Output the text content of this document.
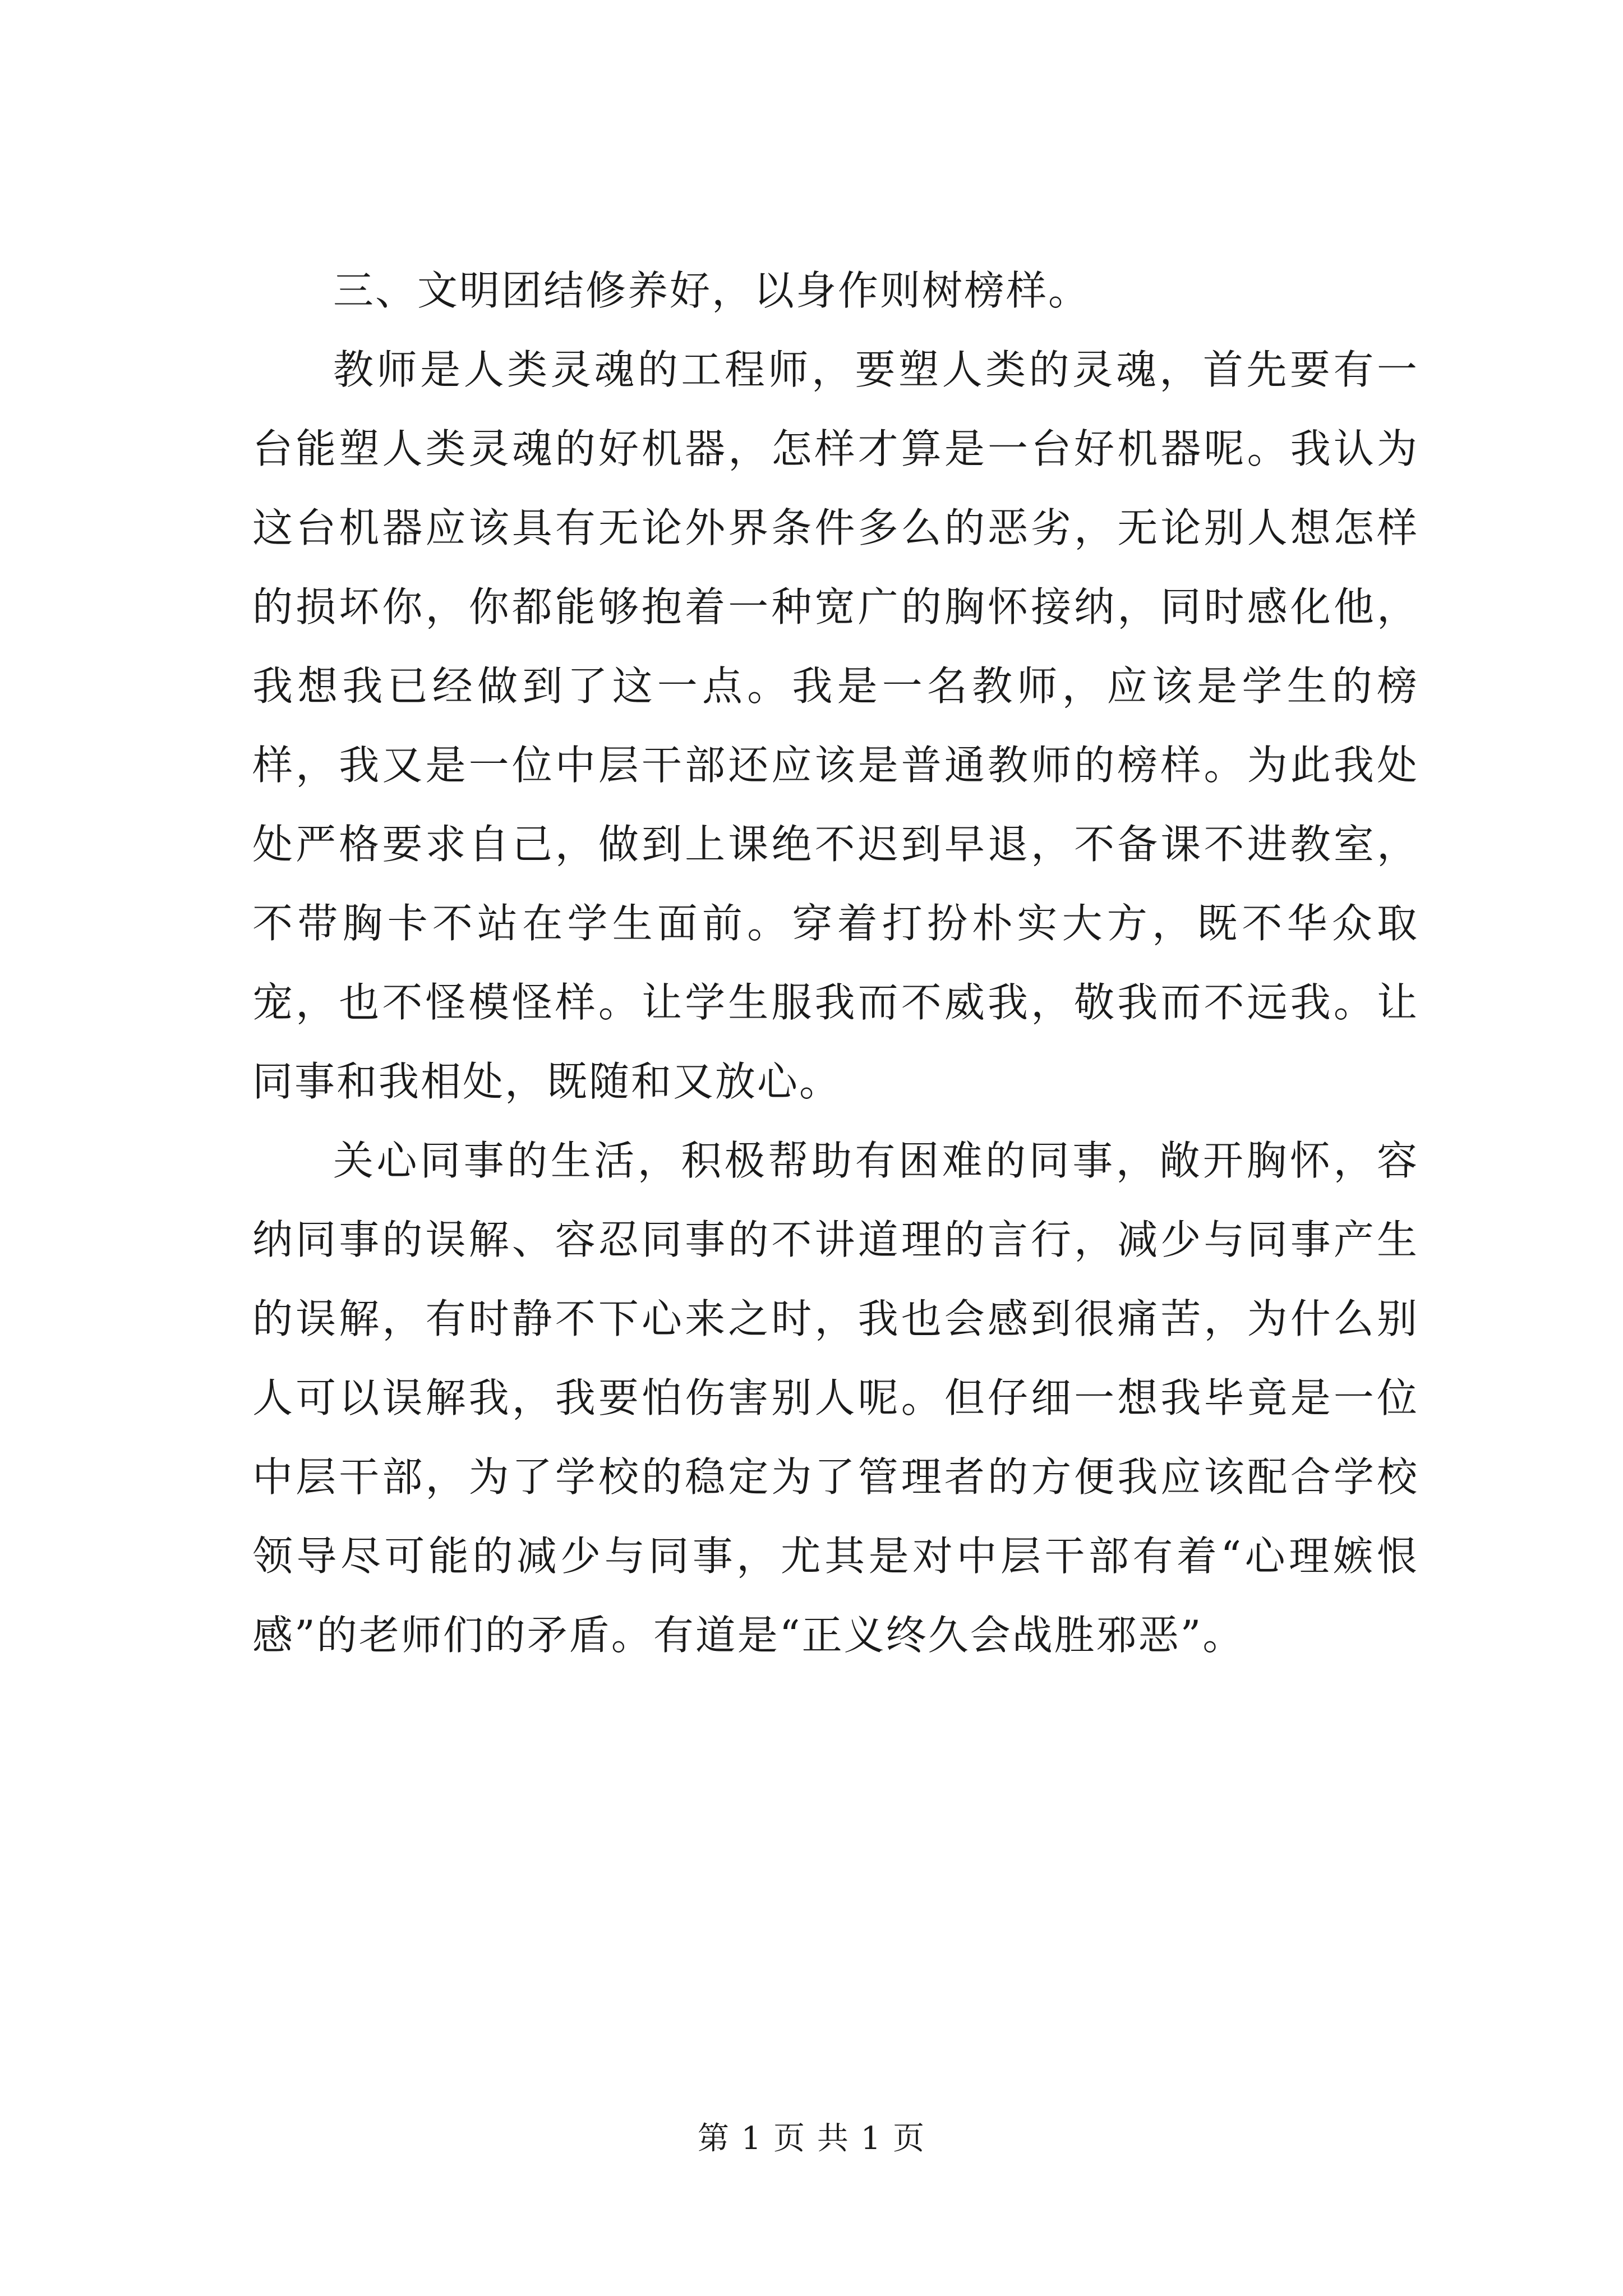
三、文明团结修养好，以身作则树榜样。

教师是人类灵魂的工程师，要塑人类的灵魂，首先要有一台能塑人类灵魂的好机器，怎样才算是一台好机器呢。我认为这台机器应该具有无论外界条件多么的恶劣，无论别人想怎样的损坏你，你都能够抱着一种宽广的胸怀接纳，同时感化他，我想我已经做到了这一点。我是一名教师，应该是学生的榜样，我又是一位中层干部还应该是普通教师的榜样。为此我处处严格要求自己，做到上课绝不迟到早退，不备课不进教室，不带胸卡不站在学生面前。穿着打扮朴实大方，既不华众取宠，也不怪模怪样。让学生服我而不威我，敬我而不远我。让同事和我相处，既随和又放心。

关心同事的生活，积极帮助有困难的同事，敞开胸怀，容纳同事的误解、容忍同事的不讲道理的言行，减少与同事产生的误解，有时静不下心来之时，我也会感到很痛苦，为什么别人可以误解我，我要怕伤害别人呢。但仔细一想我毕竟是一位中层干部，为了学校的稳定为了管理者的方便我应该配合学校领导尽可能的减少与同事，尤其是对中层干部有着“心理嫉恨感”的老师们的矛盾。有道是“正义终久会战胜邪恶”。

第 1 页 共 1 页
